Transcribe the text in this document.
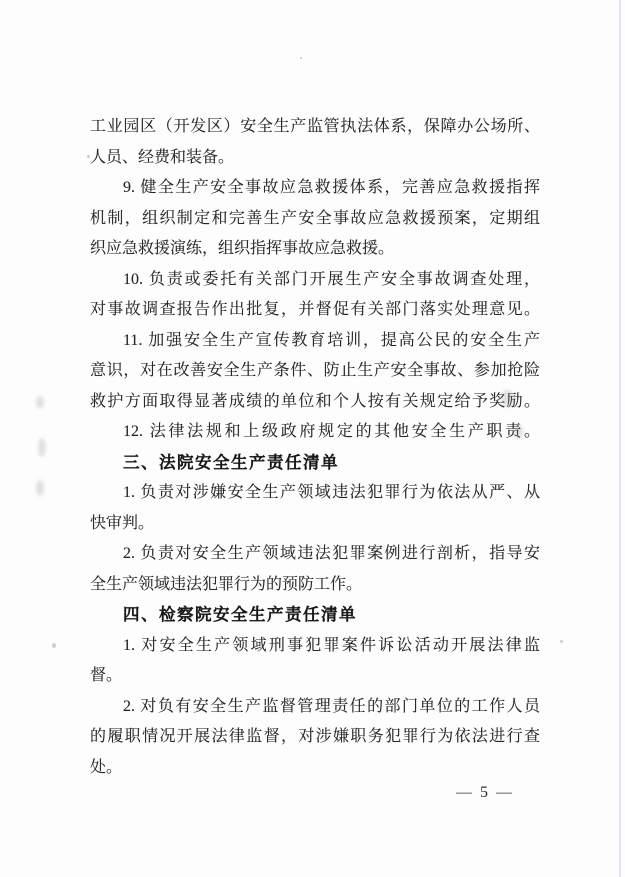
工业园区（开发区）安全生产监管执法体系，保障办公场所、
人员、经费和装备。
9. 健全生产安全事故应急救援体系，完善应急救援指挥
机制，组织制定和完善生产安全事故应急救援预案，定期组
织应急救援演练，组织指挥事故应急救援。
10. 负责或委托有关部门开展生产安全事故调查处理，
对事故调查报告作出批复，并督促有关部门落实处理意见。
11. 加强安全生产宣传教育培训，提高公民的安全生产
意识，对在改善安全生产条件、防止生产安全事故、参加抢险
救护方面取得显著成绩的单位和个人按有关规定给予奖励。
12. 法律法规和上级政府规定的其他安全生产职责。
三、法院安全生产责任清单
1. 负责对涉嫌安全生产领域违法犯罪行为依法从严、从
快审判。
2. 负责对安全生产领域违法犯罪案例进行剖析，指导安
全生产领域违法犯罪行为的预防工作。
四、检察院安全生产责任清单
1. 对安全生产领域刑事犯罪案件诉讼活动开展法律监
督。
2. 对负有安全生产监督管理责任的部门单位的工作人员
的履职情况开展法律监督，对涉嫌职务犯罪行为依法进行查
处。
— 5 —
